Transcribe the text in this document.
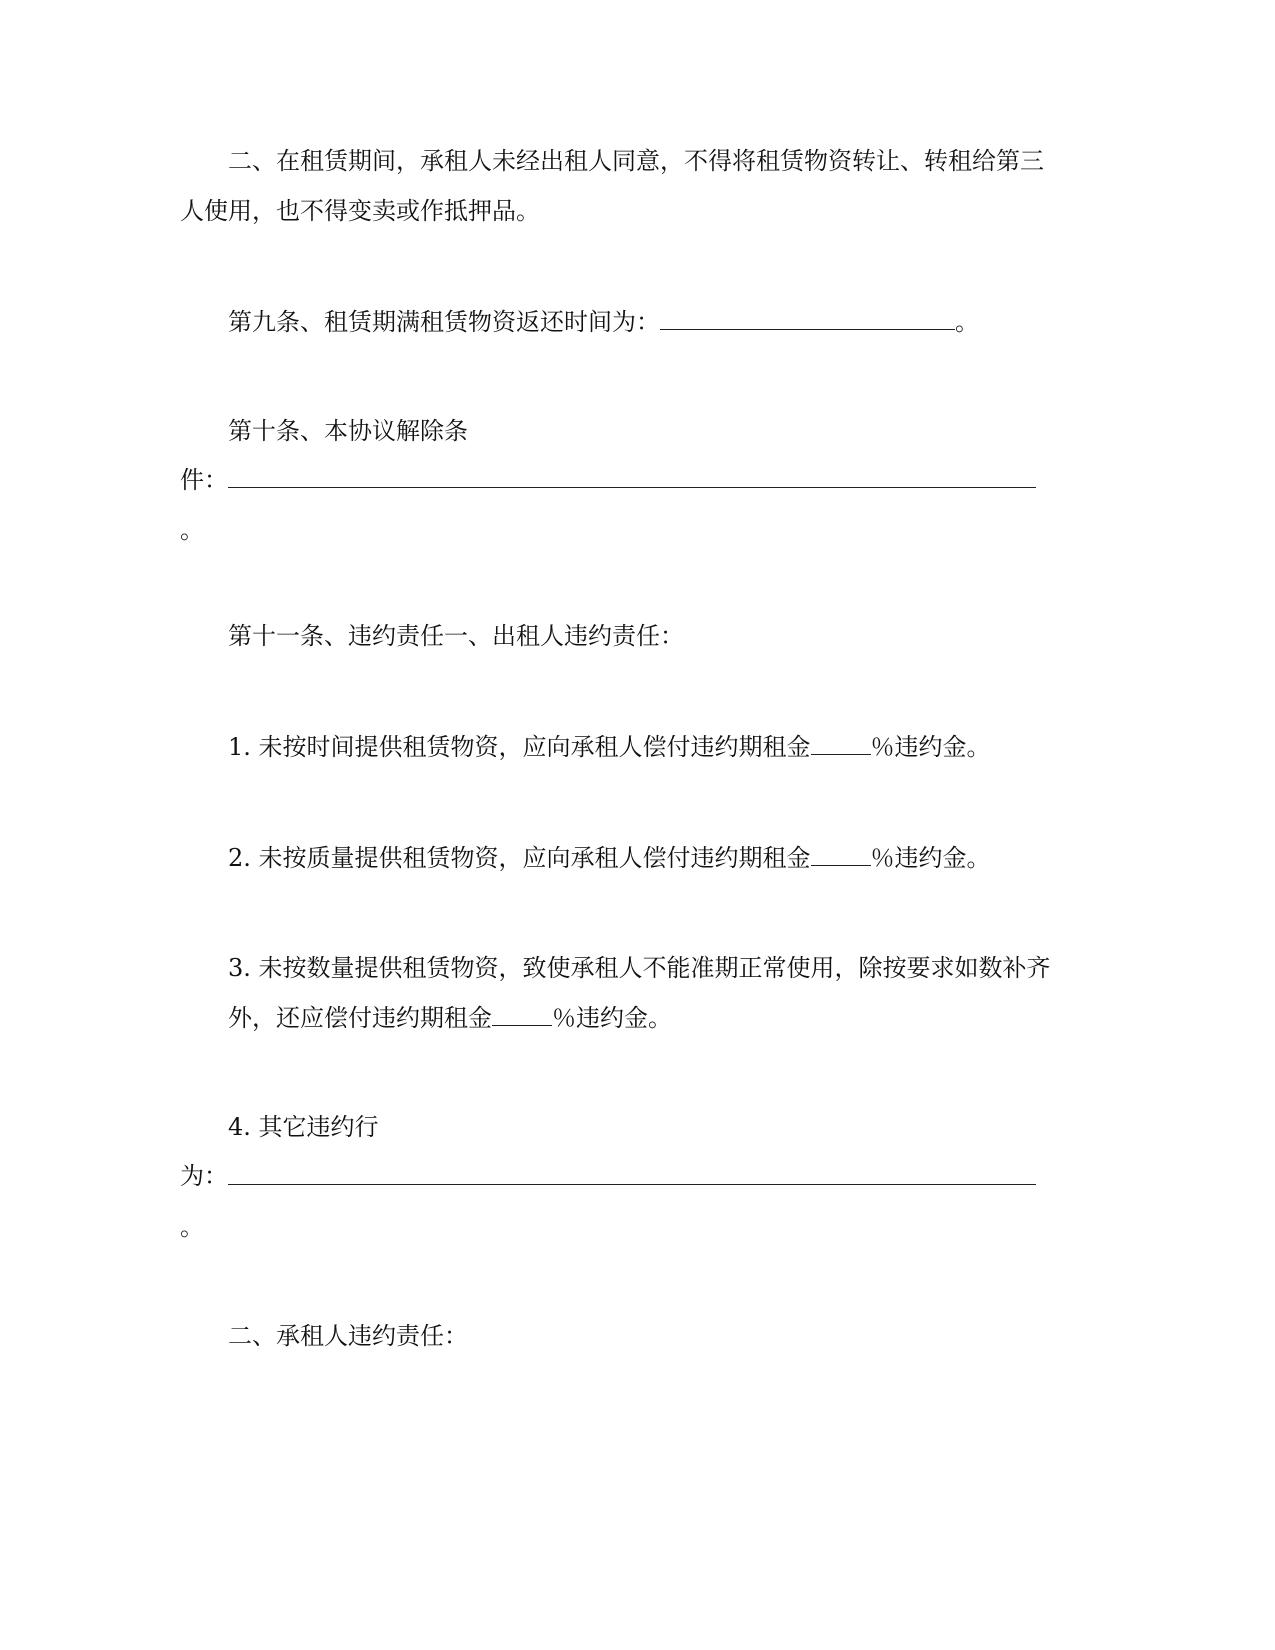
二、在租赁期间，承租人未经出租人同意，不得将租赁物资转让、转租给第三
人使用，也不得变卖或作抵押品。
第九条、租赁期满租赁物资返还时间为：	。
第十条、本协议解除条
件：
。
第十一条、违约责任一、出租人违约责任：
1. 未按时间提供租赁物资，应向承租人偿付违约期租金	％违约金。
2. 未按质量提供租赁物资，应向承租人偿付违约期租金	％违约金。
3. 未按数量提供租赁物资，致使承租人不能准期正常使用，除按要求如数补齐
外，还应偿付违约期租金	％违约金。
4. 其它违约行
为：
。
二、承租人违约责任：
